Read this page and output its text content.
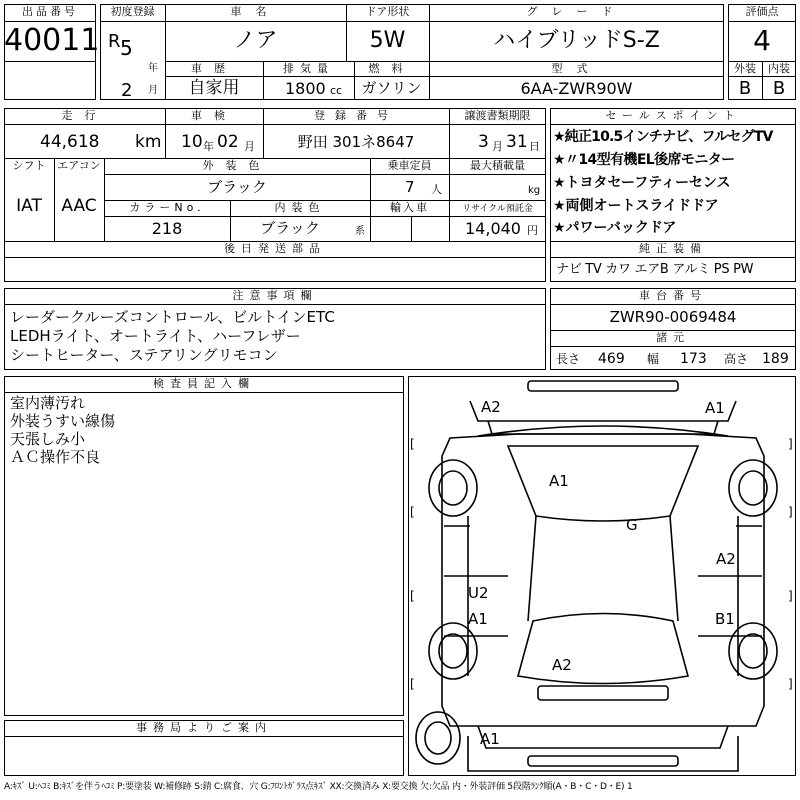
出品番号
40011
初度登録
R 5
年
2 月
車名
ノア
ドア形状
5W
グレード
ハイブリッドS-Z
車歴
自家用
排気量
1800 cc
燃料
ガソリン
型式
6AA-ZWR90W
評価点
4
外装	内装
B	B
走行
44,618 km
車検
10 年 02 月
登録番号
野田 301ネ8647
譲渡書類期限
3 月 31 日
シフト
IAT
エアコン
AAC
外装色
ブラック
乗車定員
7 人
最大積載量
kg
カラーNo.
218
内装色
ブラック	系
輸入車	リサイクル預託金
14,040 円
後日発送部品
セールスポイント
★純正10.5インチナビ、フルセグTV
★〃14型有機EL後席モニター
★トヨタセーフティーセンス
★両側オートスライドドア
★パワーバックドア
純正装備
ナビ TV カワ エアB アルミ PS PW
注意事項欄
レーダークルーズコントロール、ビルトインETC
LEDHライト、オートライト、ハーフレザー
シートヒーター、ステアリングリモコン
車台番号
ZWR90-0069484
諸元
長さ 469 幅 173 高さ 189
検査員記入欄
室内薄汚れ
外装うすい線傷
天張しみ小
ＡＣ操作不良
事務局よりご案内
[	]
[	]
[	]
[	]
A2	A1
A1
G
A2
U2
A1	B1
A2
A1
A:ｷｽﾞ U:ﾍｺﾐ B:ｷｽﾞを伴うﾍｺﾐ P:要塗装 W:補修跡 S:錆 C:腐食、穴 G:ﾌﾛﾝﾄｶﾞﾗｽ点ｷｽﾞ XX:交換済み X:要交換 欠:欠品 内・外装評価 5段階ﾗﾝｸ順(A・B・C・D・E) 1
